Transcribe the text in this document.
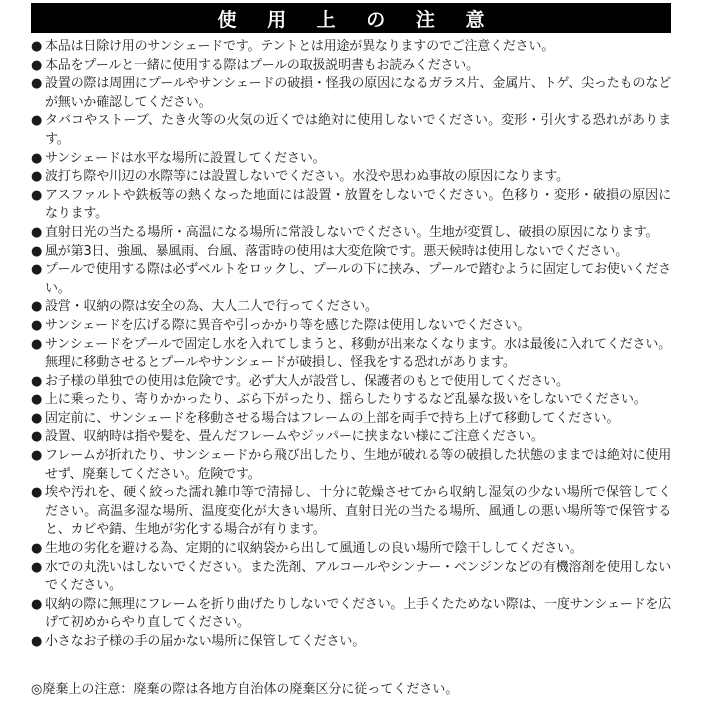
使 用 上 の 注 意
● 本品は日除け用のサンシェードです。テントとは用途が異なりますのでご注意ください。
● 本品をプールと一緒に使用する際はプールの取扱説明書もお読みください。
● 設置の際は周囲にプールやサンシェードの破損・怪我の原因になるガラス片、金属片、トゲ、尖ったものなどが無いか確認してください。
● タバコやストーブ、たき火等の火気の近くでは絶対に使用しないでください。変形・引火する恐れがあります。
● サンシェードは水平な場所に設置してください。
● 波打ち際や川辺の水際等には設置しないでください。水没や思わぬ事故の原因になります。
● アスファルトや鉄板等の熱くなった地面には設置・放置をしないでください。色移り・変形・破損の原因になります。
● 直射日光の当たる場所・高温になる場所に常設しないでください。生地が変質し、破損の原因になります。
● 風が第3日、強風、暴風雨、台風、落雷時の使用は大変危険です。悪天候時は使用しないでください。
● プールで使用する際は必ずベルトをロックし、プールの下に挟み、プールで踏むように固定してお使いください。
● 設営・収納の際は安全の為、大人二人で行ってください。
● サンシェードを広げる際に異音や引っかかり等を感じた際は使用しないでください。
● サンシェードをプールで固定し水を入れてしまうと、移動が出来なくなります。水は最後に入れてください。無理に移動させるとプールやサンシェードが破損し、怪我をする恐れがあります。
● お子様の単独での使用は危険です。必ず大人が設営し、保護者のもとで使用してください。
● 上に乗ったり、寄りかかったり、ぶら下がったり、揺らしたりするなど乱暴な扱いをしないでください。
● 固定前に、サンシェードを移動させる場合はフレームの上部を両手で持ち上げて移動してください。
● 設置、収納時は指や髪を、畳んだフレームやジッパーに挟まない様にご注意ください。
● フレームが折れたり、サンシェードから飛び出したり、生地が破れる等の破損した状態のままでは絶対に使用せず、廃棄してください。危険です。
● 埃や汚れを、硬く絞った濡れ雑巾等で清掃し、十分に乾燥させてから収納し湿気の少ない場所で保管してください。高温多湿な場所、温度変化が大きい場所、直射日光の当たる場所、風通しの悪い場所等で保管すると、カビや錆、生地が劣化する場合が有ります。
● 生地の劣化を避ける為、定期的に収納袋から出して風通しの良い場所で陰干ししてください。
● 水での丸洗いはしないでください。また洗剤、アルコールやシンナー・ベンジンなどの有機溶剤を使用しないでください。
● 収納の際に無理にフレームを折り曲げたりしないでください。上手くたためない際は、一度サンシェードを広げて初めからやり直してください。
● 小さなお子様の手の届かない場所に保管してください。
◎廃棄上の注意：廃棄の際は各地方自治体の廃棄区分に従ってください。
